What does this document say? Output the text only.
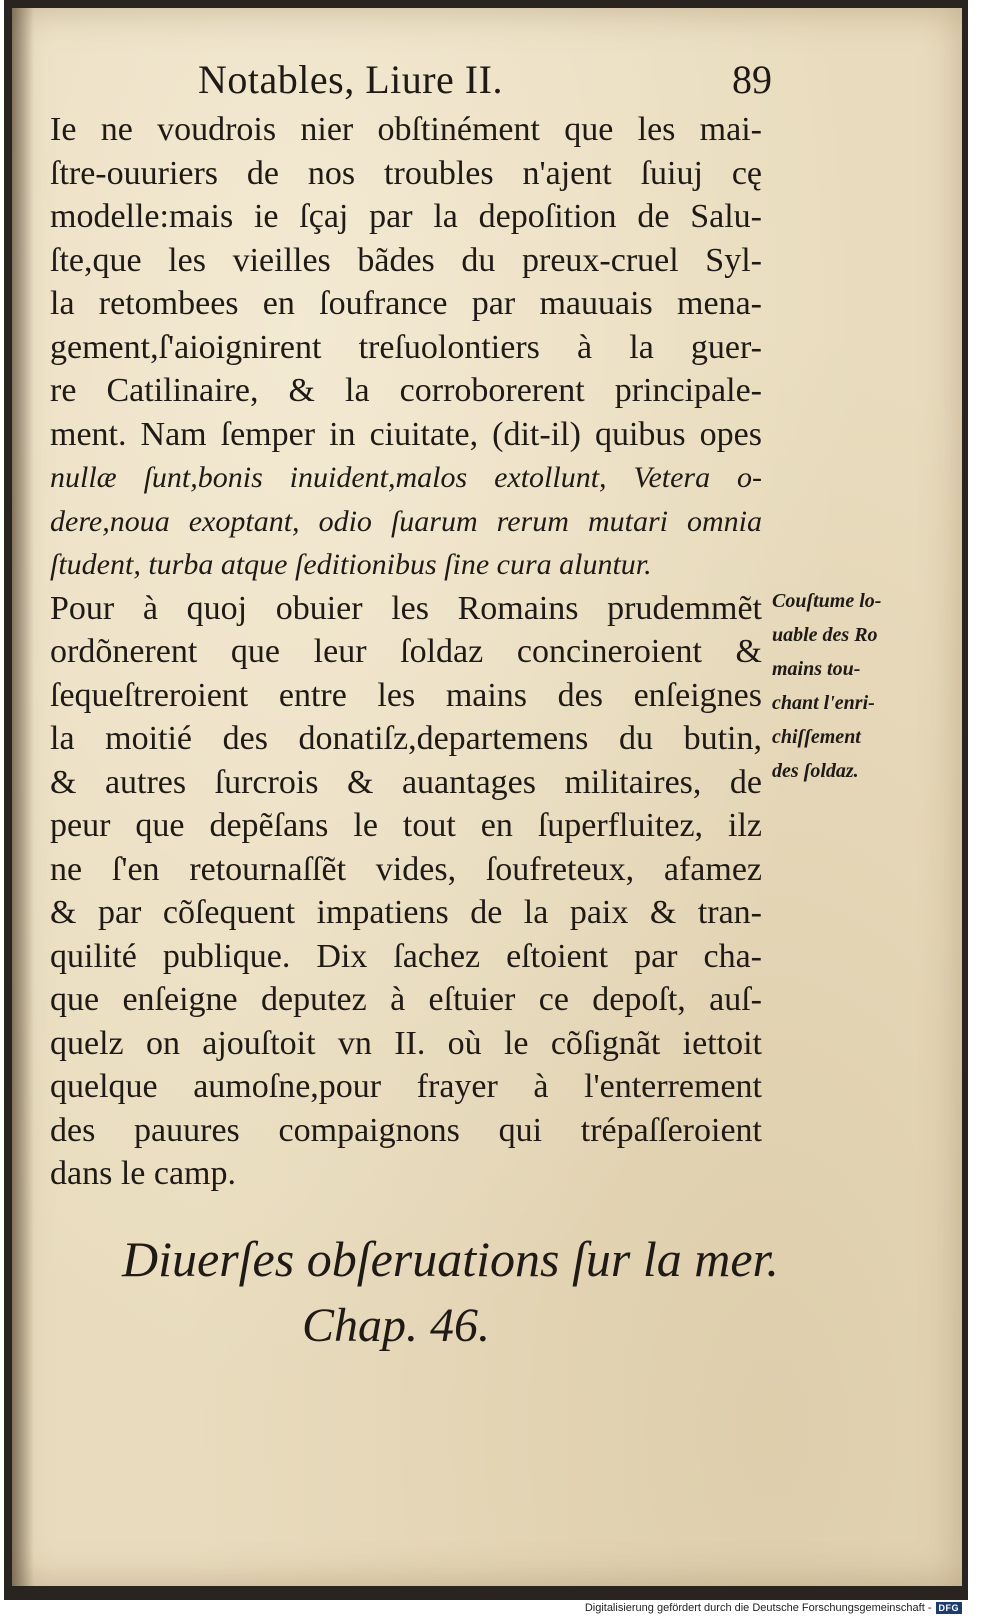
Notables, Liure II.	89
Ie ne voudrois nier obſtinément que les mai-
ſtre-ouuriers de nos troubles n'ajent ſuiuj cę
modelle:mais ie ſçaj par la depoſition de Salu-
ſte,que les vieilles bãdes du preux-cruel Syl-
la retombees en ſoufrance par mauuais mena-
gement,ſ'aioignirent treſuolontiers à la guer-
re Catilinaire, & la corroborerent principale-
ment. Nam ſemper in ciuitate, (dit-il) quibus opes
nullæ ſunt,bonis inuident,malos extollunt, Vetera o-
dere,noua exoptant, odio ſuarum rerum mutari omnia
ſtudent, turba atque ſeditionibus ſine cura aluntur.
Pour à quoj obuier les Romains prudemmẽt
ordõnerent que leur ſoldaz concineroient &
ſequeſtreroient entre les mains des enſeignes
la moitié des donatiſz,departemens du butin,
& autres ſurcrois & auantages militaires, de
peur que depẽſans le tout en ſuperfluitez, ilz
ne ſ'en retournaſſẽt vides, ſoufreteux, afamez
& par cõſequent impatiens de la paix & tran-
quilité publique. Dix ſachez eſtoient par cha-
que enſeigne deputez à eſtuier ce depoſt, auſ-
quelz on ajouſtoit vn II. où le cõſignãt iettoit
quelque aumoſne,pour frayer à l'enterrement
des pauures compaignons qui trépaſſeroient
dans le camp.
Couſtume lo-
uable des Ro
mains tou-
chant l'enri-
chiſſement
des ſoldaz.
Diuerſes obſeruations ſur la mer.
Chap. 46.
Digitalisierung gefördert durch die Deutsche Forschungsgemeinschaft - DFG
